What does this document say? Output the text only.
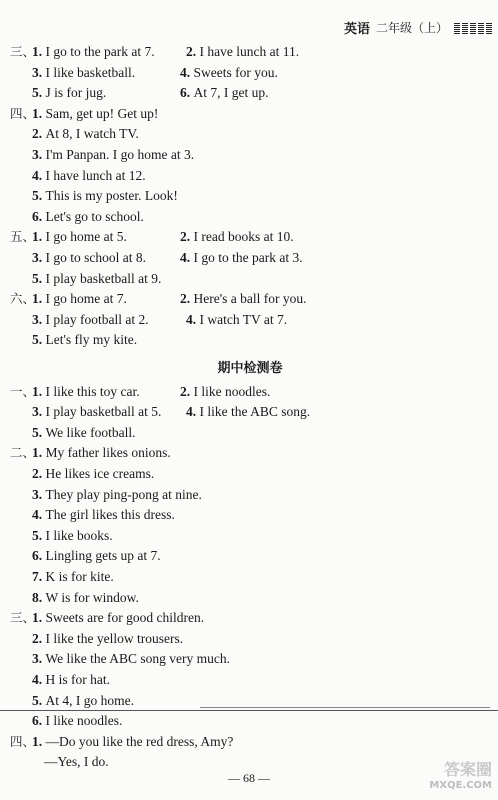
英语 二年级（上）
三、
1. I go to the park at 7. 2. I have lunch at 11.
3. I like basketball.	4. Sweets for you.
5. J is for jug.	6. At 7, I get up.
四、
1. Sam, get up! Get up!
2. At 8, I watch TV.
3. I'm Panpan. I go home at 3.
4. I have lunch at 12.
5. This is my poster. Look!
6. Let's go to school.
五、
1. I go home at 5.	2. I read books at 10.
3. I go to school at 8.	4. I go to the park at 3.
5. I play basketball at 9.
六、
1. I go home at 7.	2. Here's a ball for you.
3. I play football at 2.	4. I watch TV at 7.
5. Let's fly my kite.
期中检测卷
一、
1. I like this toy car.	2. I like noodles.
3. I play basketball at 5. 4. I like the ABC song.
5. We like football.
二、
1. My father likes onions.
2. He likes ice creams.
3. They play ping-pong at nine.
4. The girl likes this dress.
5. I like books.
6. Lingling gets up at 7.
7. K is for kite.
8. W is for window.
三、
1. Sweets are for good children.
2. I like the yellow trousers.
3. We like the ABC song very much.
4. H is for hat.
5. At 4, I go home.
6. I like noodles.
四、
1. —Do you like the red dress, Amy?
—Yes, I do.
— 68 —	答案圈
MXQE.COM
